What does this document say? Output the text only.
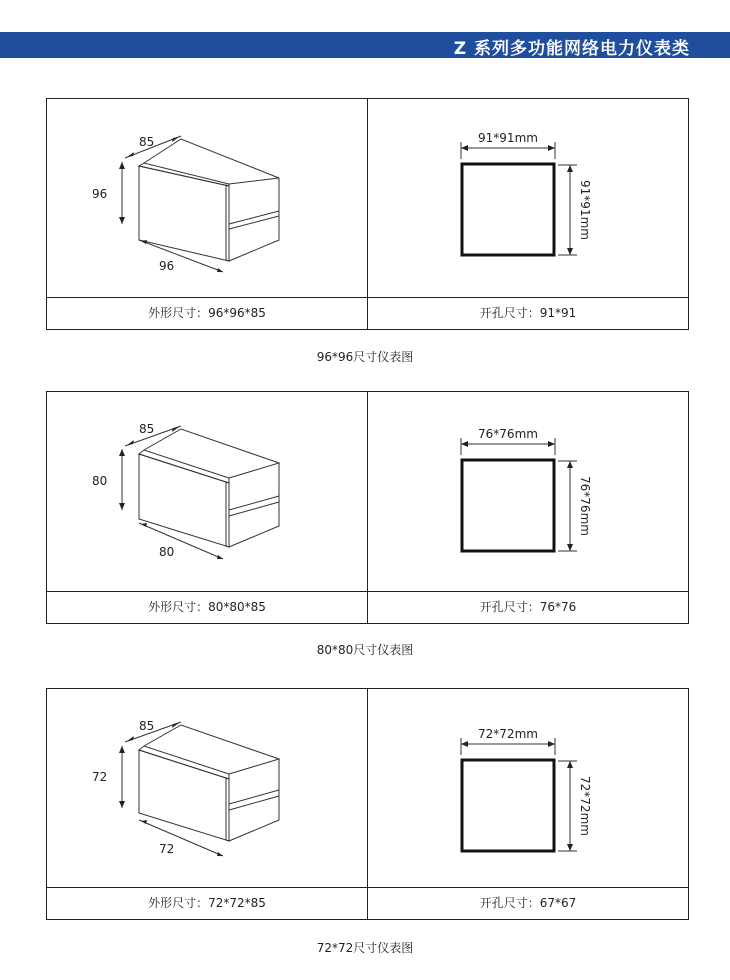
Z 系列多功能网络电力仪表类
85
96
96
91*91mm
91*91mm
外形尺寸：96*96*85	开孔尺寸：91*91
96*96尺寸仪表图
85
80
80
76*76mm
76*76mm
外形尺寸：80*80*85	开孔尺寸：76*76
80*80尺寸仪表图
85
72
72
72*72mm
72*72mm
外形尺寸：72*72*85	开孔尺寸：67*67
72*72尺寸仪表图
